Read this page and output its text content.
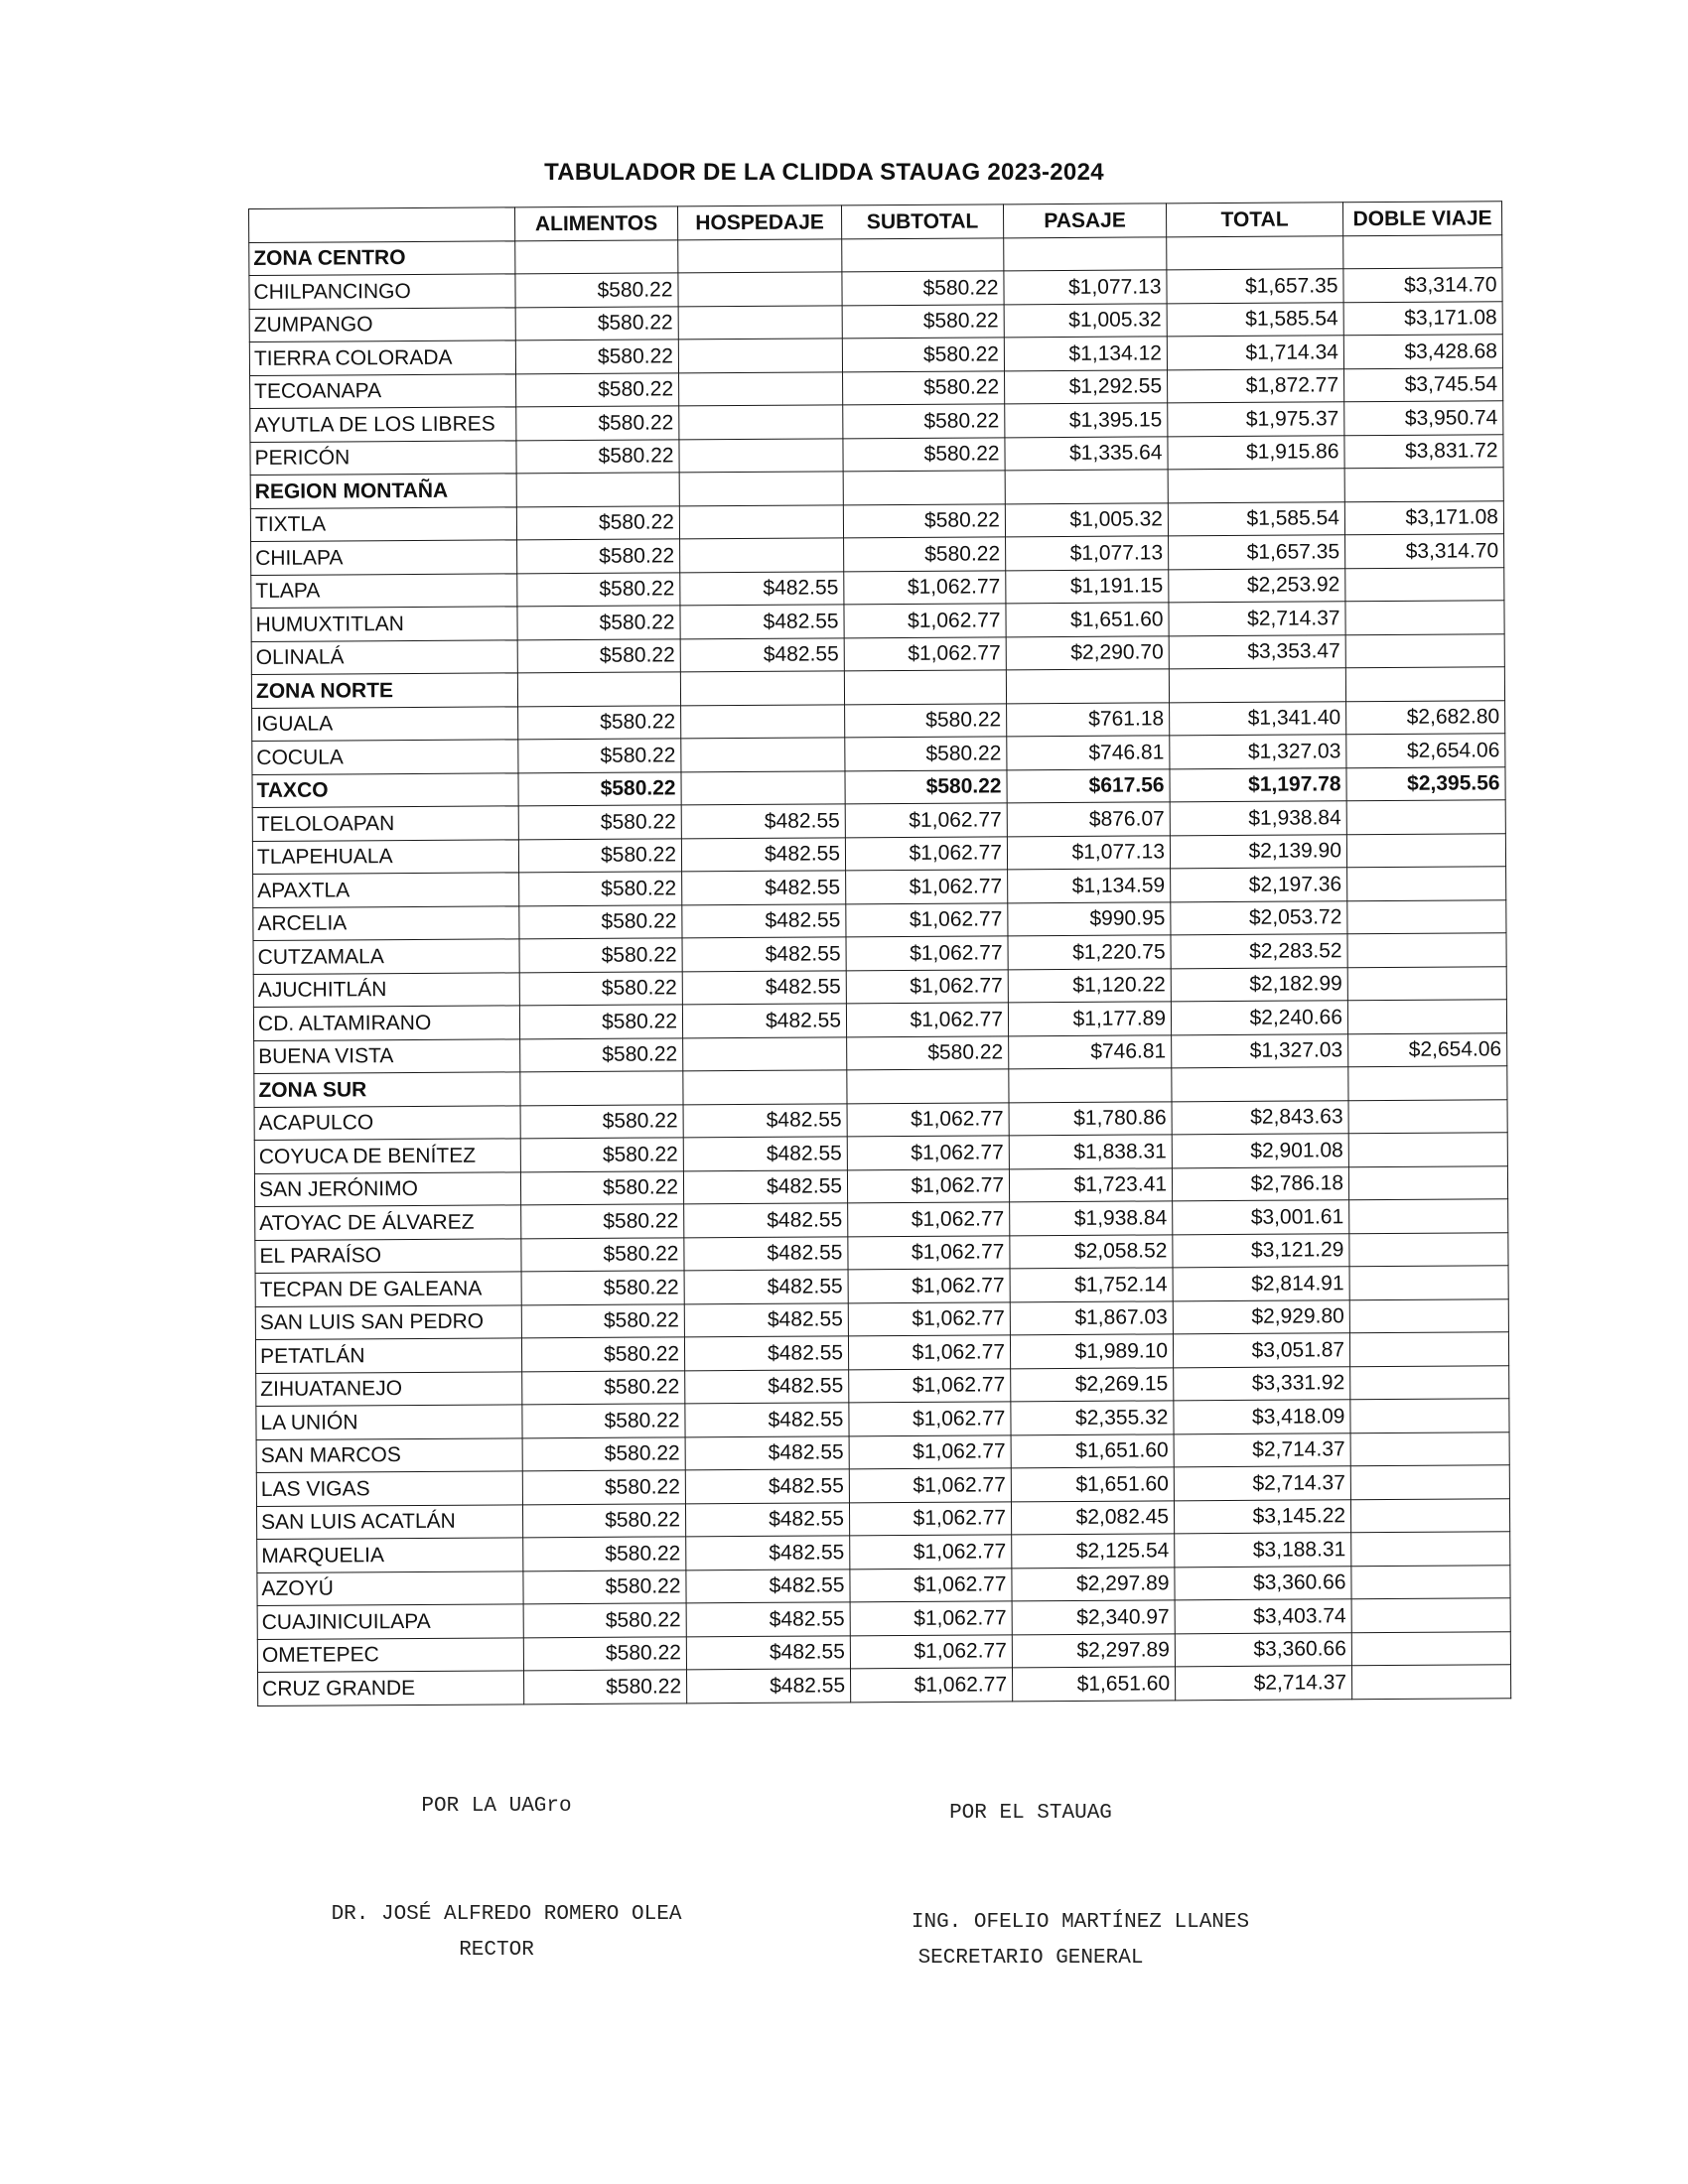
TABULADOR DE LA CLIDDA STAUAG 2023-2024
	ALIMENTOS	HOSPEDAJE	SUBTOTAL	PASAJE	TOTAL	DOBLE VIAJE
ZONA CENTRO						
CHILPANCINGO	$580.22		$580.22	$1,077.13	$1,657.35	$3,314.70
ZUMPANGO	$580.22		$580.22	$1,005.32	$1,585.54	$3,171.08
TIERRA COLORADA	$580.22		$580.22	$1,134.12	$1,714.34	$3,428.68
TECOANAPA	$580.22		$580.22	$1,292.55	$1,872.77	$3,745.54
AYUTLA DE LOS LIBRES	$580.22		$580.22	$1,395.15	$1,975.37	$3,950.74
PERICÓN	$580.22		$580.22	$1,335.64	$1,915.86	$3,831.72
REGION MONTAÑA						
TIXTLA	$580.22		$580.22	$1,005.32	$1,585.54	$3,171.08
CHILAPA	$580.22		$580.22	$1,077.13	$1,657.35	$3,314.70
TLAPA	$580.22	$482.55	$1,062.77	$1,191.15	$2,253.92	
HUMUXTITLAN	$580.22	$482.55	$1,062.77	$1,651.60	$2,714.37	
OLINALÁ	$580.22	$482.55	$1,062.77	$2,290.70	$3,353.47	
ZONA NORTE						
IGUALA	$580.22		$580.22	$761.18	$1,341.40	$2,682.80
COCULA	$580.22		$580.22	$746.81	$1,327.03	$2,654.06
TAXCO	$580.22		$580.22	$617.56	$1,197.78	$2,395.56
TELOLOAPAN	$580.22	$482.55	$1,062.77	$876.07	$1,938.84	
TLAPEHUALA	$580.22	$482.55	$1,062.77	$1,077.13	$2,139.90	
APAXTLA	$580.22	$482.55	$1,062.77	$1,134.59	$2,197.36	
ARCELIA	$580.22	$482.55	$1,062.77	$990.95	$2,053.72	
CUTZAMALA	$580.22	$482.55	$1,062.77	$1,220.75	$2,283.52	
AJUCHITLÁN	$580.22	$482.55	$1,062.77	$1,120.22	$2,182.99	
CD. ALTAMIRANO	$580.22	$482.55	$1,062.77	$1,177.89	$2,240.66	
BUENA VISTA	$580.22		$580.22	$746.81	$1,327.03	$2,654.06
ZONA SUR						
ACAPULCO	$580.22	$482.55	$1,062.77	$1,780.86	$2,843.63	
COYUCA DE BENÍTEZ	$580.22	$482.55	$1,062.77	$1,838.31	$2,901.08	
SAN JERÓNIMO	$580.22	$482.55	$1,062.77	$1,723.41	$2,786.18	
ATOYAC DE ÁLVAREZ	$580.22	$482.55	$1,062.77	$1,938.84	$3,001.61	
EL PARAÍSO	$580.22	$482.55	$1,062.77	$2,058.52	$3,121.29	
TECPAN DE GALEANA	$580.22	$482.55	$1,062.77	$1,752.14	$2,814.91	
SAN LUIS SAN PEDRO	$580.22	$482.55	$1,062.77	$1,867.03	$2,929.80	
PETATLÁN	$580.22	$482.55	$1,062.77	$1,989.10	$3,051.87	
ZIHUATANEJO	$580.22	$482.55	$1,062.77	$2,269.15	$3,331.92	
LA UNIÓN	$580.22	$482.55	$1,062.77	$2,355.32	$3,418.09	
SAN MARCOS	$580.22	$482.55	$1,062.77	$1,651.60	$2,714.37	
LAS VIGAS	$580.22	$482.55	$1,062.77	$1,651.60	$2,714.37	
SAN LUIS ACATLÁN	$580.22	$482.55	$1,062.77	$2,082.45	$3,145.22	
MARQUELIA	$580.22	$482.55	$1,062.77	$2,125.54	$3,188.31	
AZOYÚ	$580.22	$482.55	$1,062.77	$2,297.89	$3,360.66	
CUAJINICUILAPA	$580.22	$482.55	$1,062.77	$2,340.97	$3,403.74	
OMETEPEC	$580.22	$482.55	$1,062.77	$2,297.89	$3,360.66	
CRUZ GRANDE	$580.22	$482.55	$1,062.77	$1,651.60	$2,714.37	
POR LA UAGro
DR. JOSÉ ALFREDO ROMERO OLEA
RECTOR
POR EL STAUAG
ING. OFELIO MARTÍNEZ LLANES
SECRETARIO GENERAL
